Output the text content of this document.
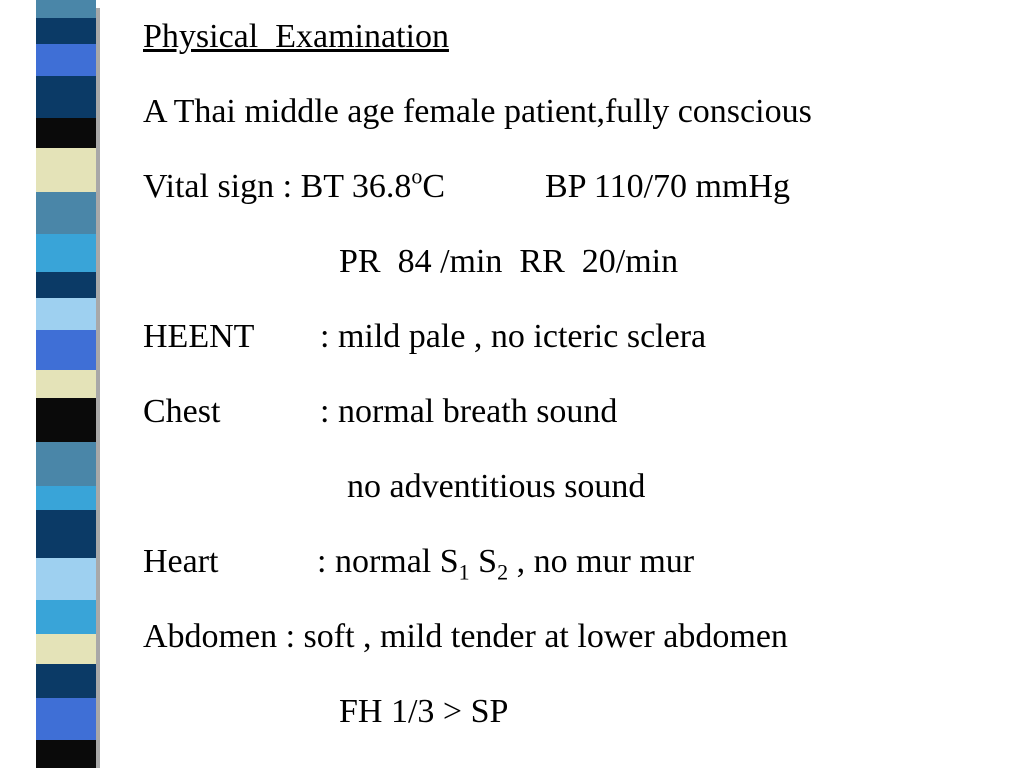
Physical  Examination

A Thai middle age female patient,fully conscious

Vital sign : BT 36.8$^o$C	BP 110/70 mmHg

PR  84 /min  RR  20/min

HEENT : mild pale , no icteric sclera

Chest	: normal breath sound

no adventitious sound

Heart	: normal $S_1$ $S_2$ , no mur mur

Abdomen : soft , mild tender at lower abdomen

FH 1/3 > SP
